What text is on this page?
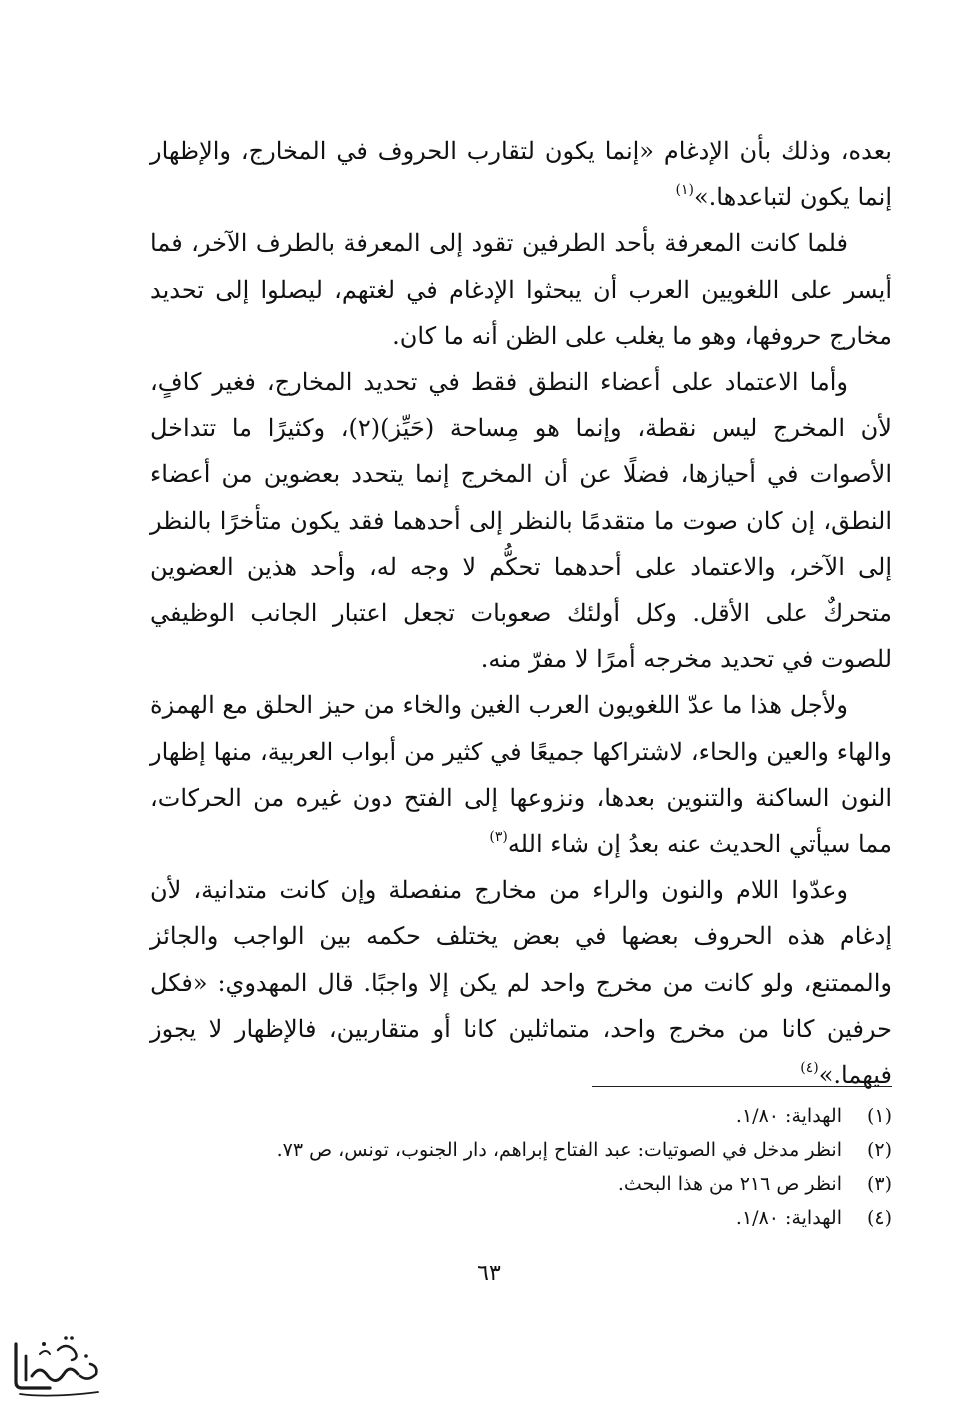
بعده، وذلك بأن الإدغام «إنما يكون لتقارب الحروف في المخارج، والإظهار إنما يكون لتباعدها.»$^{(١)}$

فلما كانت المعرفة بأحد الطرفين تقود إلى المعرفة بالطرف الآخر، فما أيسر على اللغويين العرب أن يبحثوا الإدغام في لغتهم، ليصلوا إلى تحديد مخارج حروفها، وهو ما يغلب على الظن أنه ما كان.

وأما الاعتماد على أعضاء النطق فقط في تحديد المخارج، فغير كافٍ، لأن المخرج ليس نقطة، وإنما هو مِساحة (حَيِّز)(٢)، وكثيرًا ما تتداخل الأصوات في أحيازها، فضلًا عن أن المخرج إنما يتحدد بعضوين من أعضاء النطق، إن كان صوت ما متقدمًا بالنظر إلى أحدهما فقد يكون متأخرًا بالنظر إلى الآخر، والاعتماد على أحدهما تحكُّم لا وجه له، وأحد هذين العضوين متحركٌ على الأقل. وكل أولئك صعوبات تجعل اعتبار الجانب الوظيفي للصوت في تحديد مخرجه أمرًا لا مفرّ منه.

ولأجل هذا ما عدّ اللغويون العرب الغين والخاء من حيز الحلق مع الهمزة والهاء والعين والحاء، لاشتراكها جميعًا في كثير من أبواب العربية، منها إظهار النون الساكنة والتنوين بعدها، ونزوعها إلى الفتح دون غيره من الحركات، مما سيأتي الحديث عنه بعدُ إن شاء الله$^{(٣)}$

وعدّوا اللام والنون والراء من مخارج منفصلة وإن كانت متدانية، لأن إدغام هذه الحروف بعضها في بعض يختلف حكمه بين الواجب والجائز والممتنع، ولو كانت من مخرج واحد لم يكن إلا واجبًا. قال المهدوي: «فكل حرفين كانا من مخرج واحد، متماثلين كانا أو متقاربين، فالإظهار لا يجوز فيهما.»$^{(٤)}$

(١)
الهداية: ١/٨٠.
(٢)
انظر مدخل في الصوتيات: عبد الفتاح إبراهم، دار الجنوب، تونس، ص ٧٣.
(٣)
انظر ص ٢١٦ من هذا البحث.
(٤)
الهداية: ١/٨٠.
٦٣
